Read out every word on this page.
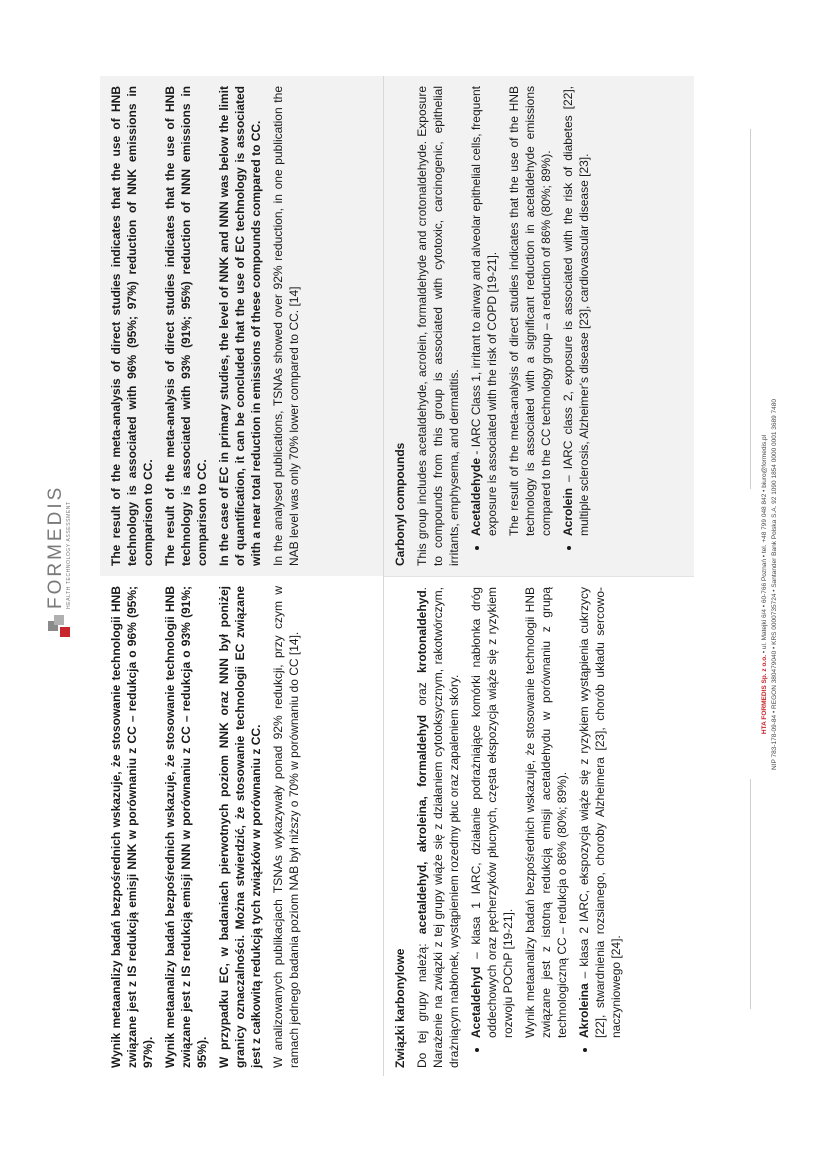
FORMEDIS HEALTH TECHNOLOGY ASSESSMENT

Wynik metaanalizy badań bezpośrednich wskazuje, że stosowanie technologii HNB związane jest z IS redukcją emisji NNK w porównaniu z CC – redukcja o 96% (95%; 97%). Wynik metaanalizy badań bezpośrednich wskazuje, że stosowanie technologii HNB związane jest z IS redukcją emisji NNN w porównaniu z CC – redukcja o 93% (91%; 95%). W przypadku EC, w badaniach pierwotnych poziom NNK oraz NNN był poniżej granicy oznaczalności. Można stwierdzić, że stosowanie technologii EC związane jest z całkowitą redukcją tych związków w porównaniu z CC. W analizowanych publikacjach TSNAs wykazywały ponad 92% redukcji, przy czym w ramach jednego badania poziom NAB był niższy o 70% w porównaniu do CC [14].

The result of the meta-analysis of direct studies indicates that the use of HNB technology is associated with 96% (95%; 97%) reduction of NNK emissions in comparison to CC. The result of the meta-analysis of direct studies indicates that the use of HNB technology is associated with 93% (91%; 95%) reduction of NNN emissions in comparison to CC. In the case of EC in primary studies, the level of NNK and NNN was below the limit of quantification, it can be concluded that the use of EC technology is associated with a near total reduction in emissions of these compounds compared to CC. In the analysed publications, TSNAs showed over 92% reduction, in one publication the NAB level was only 70% lower compared to CC. [14]

Związki karbonylowe Do tej grupy należą: acetaldehyd, akroleina, formaldehyd oraz krotonaldehyd. Narażenie na związki z tej grupy wiąże się z działaniem cytotoksycznym, rakotwórczym, drażniącym nabłonek, wystąpieniem rozedmy płuc oraz zapaleniem skóry. • Acetaldehyd – klasa 1 IARC, działanie podrażniające komórki nabłonka dróg oddechowych oraz pęcherzyków płucnych, częsta ekspozycja wiąże się z ryzykiem rozwoju POChP [19-21]. Wynik metaanalizy badań bezpośrednich wskazuje, że stosowanie technologii HNB związane jest z istotną redukcją emisji acetaldehydu w porównaniu z grupą technologiczną CC – redukcja o 86% (80%; 89%). • Akroleina – klasa 2 IARC, ekspozycja wiąże się z ryzykiem wystąpienia cukrzycy [22], stwardnienia rozsianego, choroby Alzheimera [23], chorób układu sercowo-naczyniowego [24].
Carbonyl compounds This group includes acetaldehyde, acrolein, formaldehyde and crotonaldehyde. Exposure to compounds from this group is associated with cytotoxic, carcinogenic, epithelial irritants, emphysema, and dermatitis. • Acetaldehyde - IARC Class 1, irritant to airway and alveolar epithelial cells, frequent exposure is associated with the risk of COPD [19-21]. The result of the meta-analysis of direct studies indicates that the use of the HNB technology is associated with a significant reduction in acetaldehyde emissions compared to the CC technology group – a reduction of 86% (80%; 89%). • Acrolein – IARC class 2, exposure is associated with the risk of diabetes [22], multiple sclerosis, Alzheimer's disease [23], cardiovascular disease [23].
HTA FORMEDIS Sp. z o.o. • ul. Matejki 6/4 • 60-766 Poznań • tel. +48 799 048 842 • biuro@formedis.pl NIP 783-178-09-84 • REGON 380479040 • KRS 0000735724 • Santander Bank Polska S.A. 92 1090 1854 0000 0001 3689 7480
